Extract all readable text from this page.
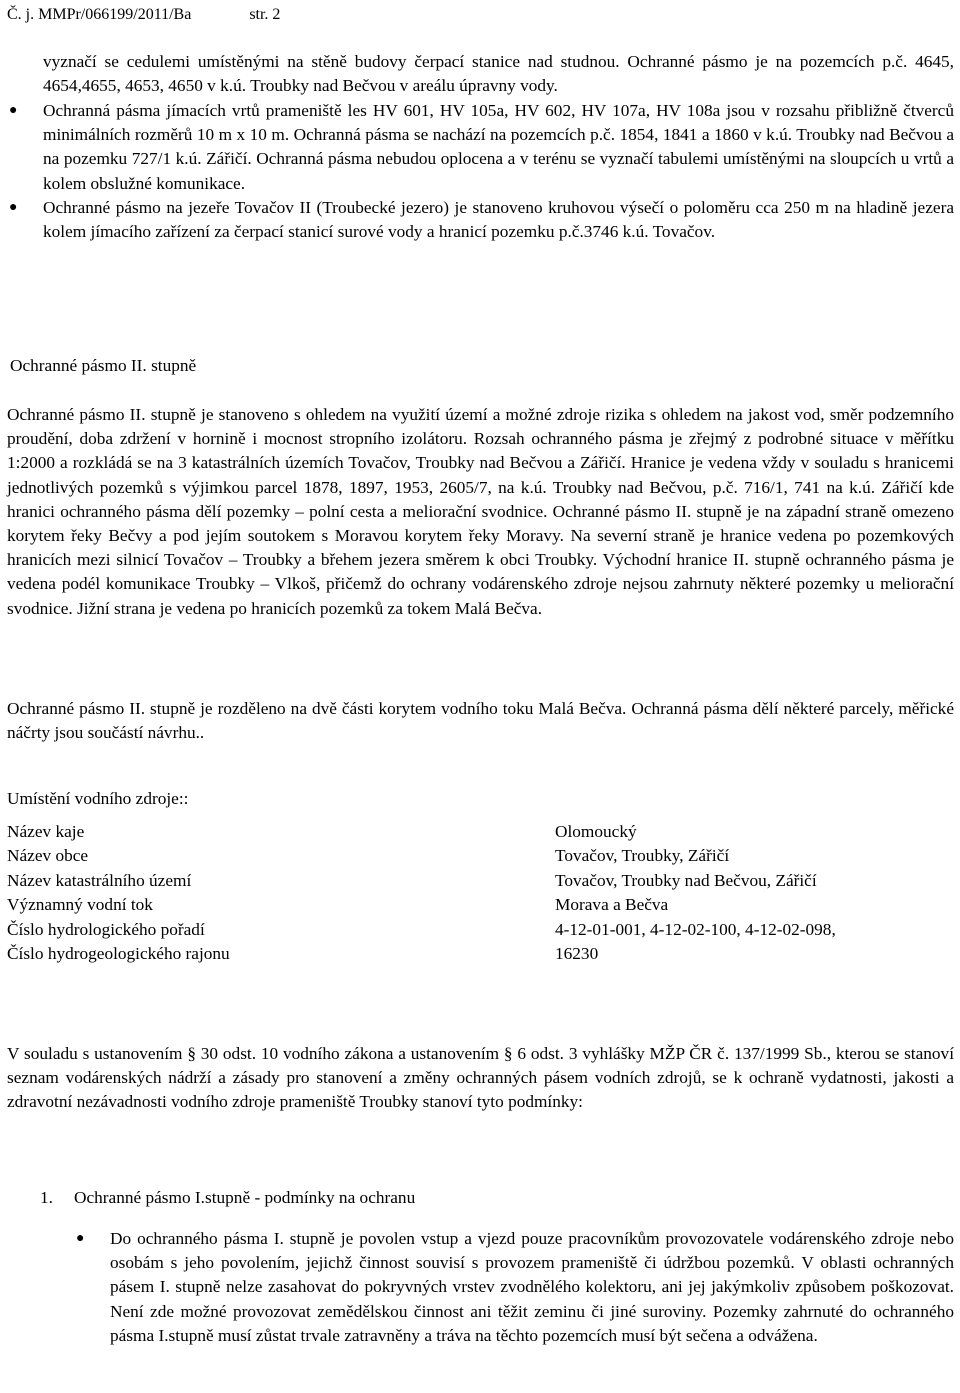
Č. j. MMPr/066199/2011/Ba	str. 2
vyznačí se cedulemi umístěnými na stěně budovy čerpací stanice nad studnou. Ochranné pásmo je na pozemcích p.č. 4645, 4654,4655, 4653, 4650 v k.ú. Troubky nad Bečvou v areálu úpravny vody.
● Ochranná pásma jímacích vrtů prameniště les HV 601, HV 105a, HV 602, HV 107a, HV 108a jsou v rozsahu přibližně čtverců minimálních rozměrů 10 m x 10 m. Ochranná pásma se nachází na pozemcích p.č. 1854, 1841 a 1860 v k.ú. Troubky nad Bečvou a na pozemku 727/1 k.ú. Zářičí. Ochranná pásma nebudou oplocena a v terénu se vyznačí tabulemi umístěnými na sloupcích u vrtů a kolem obslužné komunikace.
● Ochranné pásmo na jezeře Tovačov II (Troubecké jezero) je stanoveno kruhovou výsečí o poloměru cca 250 m na hladině jezera kolem jímacího zařízení za čerpací stanicí surové vody a hranicí pozemku p.č.3746 k.ú. Tovačov.
Ochranné pásmo II. stupně
Ochranné pásmo II. stupně je stanoveno s ohledem na využití území a možné zdroje rizika s ohledem na jakost vod, směr podzemního proudění, doba zdržení v hornině i mocnost stropního izolátoru. Rozsah ochranného pásma je zřejmý z podrobné situace v měřítku 1:2000 a rozkládá se na 3 katastrálních územích Tovačov, Troubky nad Bečvou a Zářičí. Hranice je vedena vždy v souladu s hranicemi jednotlivých pozemků s výjimkou parcel 1878, 1897, 1953, 2605/7, na k.ú. Troubky nad Bečvou, p.č. 716/1, 741 na k.ú. Zářičí kde hranici ochranného pásma dělí pozemky – polní cesta a meliorační svodnice. Ochranné pásmo II. stupně je na západní straně omezeno korytem řeky Bečvy a pod jejím soutokem s Moravou korytem řeky Moravy. Na severní straně je hranice vedena po pozemkových hranicích mezi silnicí Tovačov – Troubky a břehem jezera směrem k obci Troubky. Východní hranice II. stupně ochranného pásma je vedena podél komunikace Troubky – Vlkoš, přičemž do ochrany vodárenského zdroje nejsou zahrnuty některé pozemky u meliorační svodnice. Jižní strana je vedena po hranicích pozemků za tokem Malá Bečva.
Ochranné pásmo II. stupně je rozděleno na dvě části korytem vodního toku Malá Bečva. Ochranná pásma dělí některé parcely, měřické náčrty jsou součástí návrhu..
Umístění vodního zdroje::
Název kaje	Olomoucký
Název obce	Tovačov, Troubky, Zářičí
Název katastrálního území	Tovačov, Troubky nad Bečvou, Zářičí
Významný vodní tok	Morava a Bečva
Číslo hydrologického pořadí	4-12-01-001, 4-12-02-100, 4-12-02-098,
Číslo hydrogeologického rajonu	16230
V souladu s ustanovením § 30 odst. 10 vodního zákona a ustanovením § 6 odst. 3 vyhlášky MŽP ČR č. 137/1999 Sb., kterou se stanoví seznam vodárenských nádrží a zásady pro stanovení a změny ochranných pásem vodních zdrojů, se k ochraně vydatnosti, jakosti a zdravotní nezávadnosti vodního zdroje prameniště Troubky stanoví tyto podmínky:
1. Ochranné pásmo I.stupně - podmínky na ochranu
● Do ochranného pásma I. stupně je povolen vstup a vjezd pouze pracovníkům provozovatele vodárenského zdroje nebo osobám s jeho povolením, jejichž činnost souvisí s provozem prameniště či údržbou pozemků. V oblasti ochranných pásem I. stupně nelze zasahovat do pokryvných vrstev zvodnělého kolektoru, ani jej jakýmkoliv způsobem poškozovat. Není zde možné provozovat zemědělskou činnost ani těžit zeminu či jiné suroviny. Pozemky zahrnuté do ochranného pásma I.stupně musí zůstat trvale zatravněny a tráva na těchto pozemcích musí být sečena a odvážena.
